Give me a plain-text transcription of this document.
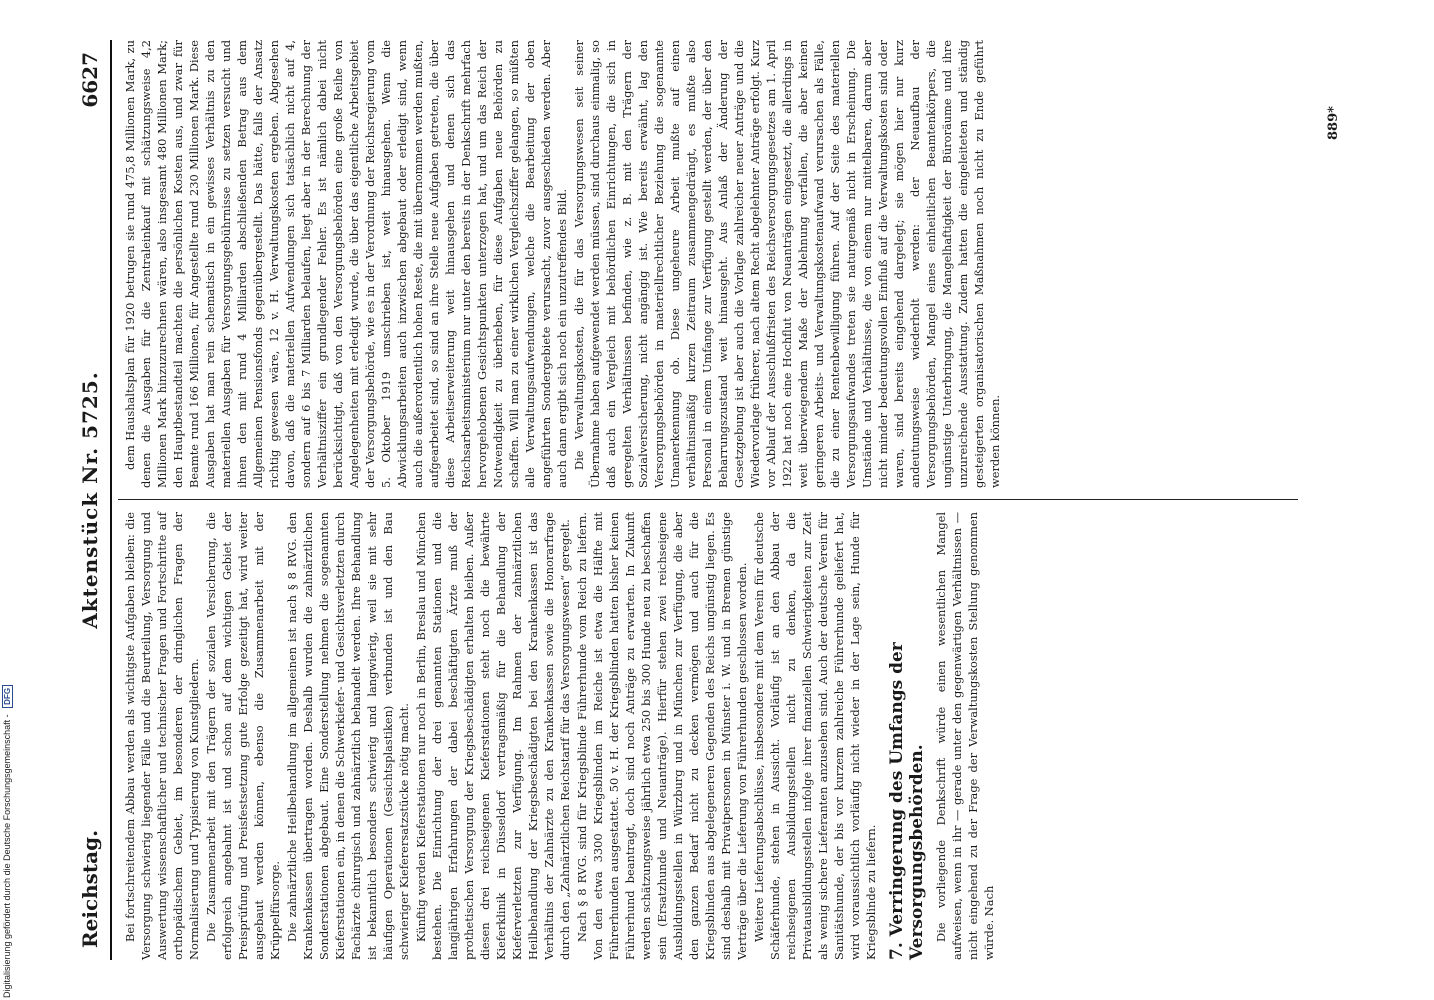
Reichstag.
Aktenstück Nr. 5725.
6627

Bei fortschreitendem Abbau werden als wichtigste Aufgaben bleiben: die Versorgung schwierig liegender Fälle und die Beurteilung, Versorgung und Auswertung wissenschaftlicher und technischer Fragen und Fortschritte auf orthopädischem Gebiet, im besonderen der dringlichen Fragen der Normalisierung und Typisierung von Kunstgliedern. Die Zusammenarbeit mit den Trägern der sozialen Versicherung, die erfolgreich angebahnt ist und schon auf dem wichtigen Gebiet der Preisprüfung und Preisfestsetzung gute Erfolge gezeitigt hat, wird weiter ausgebaut werden können, ebenso die Zusammenarbeit mit der Krüppelfürsorge. Die zahnärztliche Heilbehandlung im allgemeinen ist nach § 8 RVG. den Krankenkassen übertragen worden. Deshalb wurden die zahnärztlichen Sonderstationen abgebaut. Eine Sonderstellung nehmen die sogenannten Kieferstationen ein, in denen die Schwerkiefer- und Gesichtsverletzten durch Fachärzte chirurgisch und zahnärztlich behandelt werden. Ihre Behandlung ist bekanntlich besonders schwierig und langwierig, weil sie mit sehr häufigen Operationen (Gesichtsplastiken) verbunden ist und den Bau schwieriger Kieferersatzstücke nötig macht. Künftig werden Kieferstationen nur noch in Berlin, Breslau und München bestehen. Die Einrichtung der drei genannten Stationen und die langjährigen Erfahrungen der dabei beschäftigten Ärzte muß der prothetischen Versorgung der Kriegsbeschädigten erhalten bleiben. Außer diesen drei reichseigenen Kieferstationen steht noch die bewährte Kieferklinik in Düsseldorf vertragsmäßig für die Behandlung der Kieferverletzten zur Verfügung. Im Rahmen der zahnärztlichen Heilbehandlung der Kriegsbeschädigten bei den Krankenkassen ist das Verhältnis der Zahnärzte zu den Krankenkassen sowie die Honorarfrage durch den „Zahnärztlichen Reichstarif für das Versorgungswesen“ geregelt. Nach § 8 RVG. sind für Kriegsblinde Führerhunde vom Reich zu liefern. Von den etwa 3300 Kriegsblinden im Reiche ist etwa die Hälfte mit Führerhunden ausgestattet. 50 v. H. der Kriegsblinden hatten bisher keinen Führerhund beantragt, doch sind noch Anträge zu erwarten. In Zukunft werden schätzungsweise jährlich etwa 250 bis 300 Hunde neu zu beschaffen sein (Ersatzhunde und Neuanträge). Hierfür stehen zwei reichseigene Ausbildungsstellen in Würzburg und in München zur Verfügung, die aber den ganzen Bedarf nicht zu decken vermögen und auch für die Kriegsblinden aus abgelegeneren Gegenden des Reichs ungünstig liegen. Es sind deshalb mit Privatpersonen in Münster i. W. und in Bremen günstige Verträge über die Lieferung von Führerhunden geschlossen worden. Weitere Lieferungsabschlüsse, insbesondere mit dem Verein für deutsche Schäferhunde, stehen in Aussicht. Vorläufig ist an den Abbau der reichseigenen Ausbildungsstellen nicht zu denken, da die Privatausbildungsstellen infolge ihrer finanziellen Schwierigkeiten zur Zeit als wenig sichere Lieferanten anzusehen sind. Auch der deutsche Verein für Sanitätshunde, der bis vor kurzem zahlreiche Führerhunde geliefert hat, wird voraussichtlich vorläufig nicht wieder in der Lage sein, Hunde für Kriegsblinde zu liefern. 7. Verringerung des Umfangs der Versorgungsbehörden. Die vorliegende Denkschrift würde einen wesentlichen Mangel aufweisen, wenn in ihr — gerade unter den gegenwärtigen Verhältnissen — nicht eingehend zu der Frage der Verwaltungskosten Stellung genommen würde. Nach

dem Haushaltsplan für 1920 betrugen sie rund 475,8 Millionen Mark, zu denen die Ausgaben für die Zentraleinkauf mit schätzungsweise 4,2 Millionen Mark hinzuzurechnen wären, also insgesamt 480 Millionen Mark; den Hauptbestandteil machten die persönlichen Kosten aus, und zwar für Beamte rund 166 Millionen, für Angestellte rund 230 Millionen Mark. Diese Ausgaben hat man rein schematisch in ein gewisses Verhältnis zu den materiellen Ausgaben für Versorgungsgebührnisse zu setzen versucht und ihnen den mit rund 4 Milliarden abschließenden Betrag aus dem Allgemeinen Pensionsfonds gegenübergestellt. Das hätte, falls der Ansatz richtig gewesen wäre, 12 v. H. Verwaltungskosten ergeben. Abgesehen davon, daß die materiellen Aufwendungen sich tatsächlich nicht auf 4, sondern auf 6 bis 7 Milliarden belaufen, liegt aber in der Berechnung der Verhältnisziffer ein grundlegender Fehler. Es ist nämlich dabei nicht berücksichtigt, daß von den Versorgungsbehörden eine große Reihe von Angelegenheiten mit erledigt wurde, die über das eigentliche Arbeitsgebiet der Versorgungsbehörde, wie es in der Verordnung der Reichsregierung vom 5. Oktober 1919 umschrieben ist, weit hinausgehen. Wenn die Abwicklungsarbeiten auch inzwischen abgebaut oder erledigt sind, wenn auch die außerordentlich hohen Reste, die mit übernommen werden mußten, aufgearbeitet sind, so sind an ihre Stelle neue Aufgaben getreten, die über diese Arbeitserweiterung weit hinausgehen und denen sich das Reichsarbeitsministerium nur unter den bereits in der Denkschrift mehrfach hervorgehobenen Gesichtspunkten unterzogen hat, und um das Reich der Notwendigkeit zu überheben, für diese Aufgaben neue Behörden zu schaffen. Will man zu einer wirklichen Vergleichsziffer gelangen, so müßten alle Verwaltungsaufwendungen, welche die Bearbeitung der oben angeführten Sondergebiete verursacht, zuvor ausgeschieden werden. Aber auch dann ergibt sich noch ein unzutreffendes Bild. Die Verwaltungskosten, die für das Versorgungswesen seit seiner Übernahme haben aufgewendet werden müssen, sind durchaus einmalig, so daß auch ein Vergleich mit behördlichen Einrichtungen, die sich in geregelten Verhältnissen befinden, wie z. B. mit den Trägern der Sozialversicherung, nicht angängig ist. Wie bereits erwähnt, lag den Versorgungsbehörden in materiellrechtlicher Beziehung die sogenannte Umanerkennung ob. Diese ungeheure Arbeit mußte auf einen verhältnismäßig kurzen Zeitraum zusammengedrängt, es mußte also Personal in einem Umfange zur Verfügung gestellt werden, der über den Beharrungszustand weit hinausgeht. Aus Anlaß der Änderung der Gesetzgebung ist aber auch die Vorlage zahlreicher neuer Anträge und die Wiedervorlage früherer, nach altem Recht abgelehnter Anträge erfolgt. Kurz vor Ablauf der Ausschlußfristen des Reichsversorgungsgesetzes am 1. April 1922 hat noch eine Hochflut von Neuanträgen eingesetzt, die allerdings in weit überwiegendem Maße der Ablehnung verfallen, die aber keinen geringeren Arbeits- und Verwaltungskostenaufwand verursachen als Fälle, die zu einer Rentenbewilligung führen. Auf der Seite des materiellen Versorgungsaufwandes treten sie naturgemäß nicht in Erscheinung. Die Umstände und Verhältnisse, die von einem nur mittelbaren, darum aber nicht minder bedeutungsvollen Einfluß auf die Verwaltungskosten sind oder waren, sind bereits eingehend dargelegt; sie mögen hier nur kurz andeutungsweise wiederholt werden: der Neuaufbau der Versorgungsbehörden, Mangel eines einheitlichen Beamtenkörpers, die ungünstige Unterbringung, die Mangelhaftigkeit der Büroräume und ihre unzureichende Ausstattung. Zudem hatten die eingeleiteten und ständig gesteigerten organisatorischen Maßnahmen noch nicht zu Ende geführt werden können.

889*
Digitalisierung gefördert durch die Deutsche Forschungsgemeinschaft - DFG
